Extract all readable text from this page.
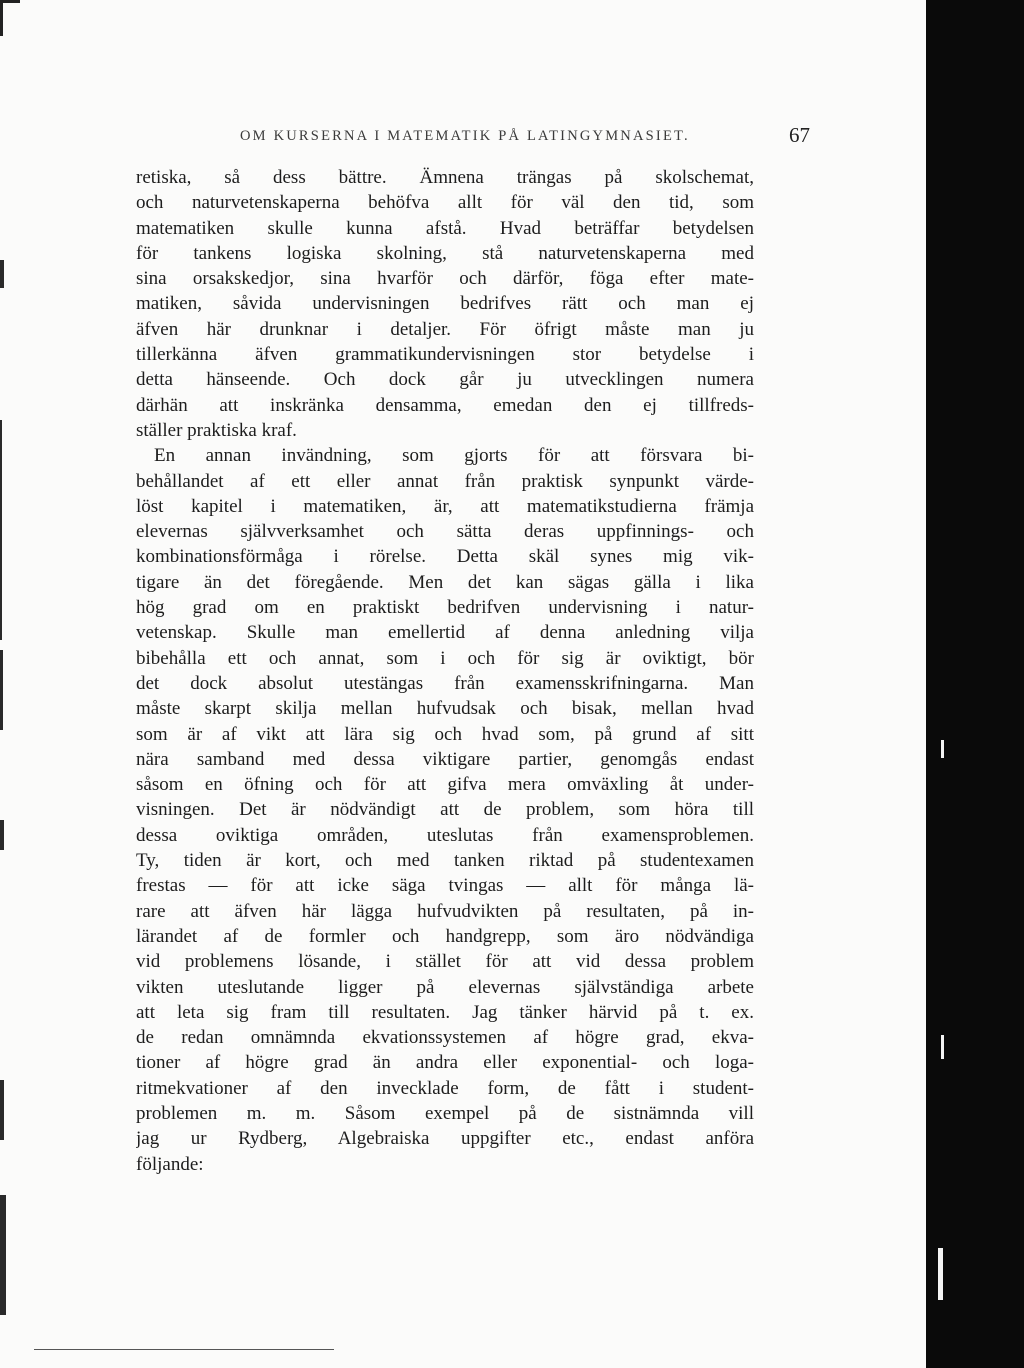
OM KURSERNA I MATEMATIK PÅ LATINGYMNASIET.	67
retiska, så dess bättre. Ämnena trängas på skolschemat,
och naturvetenskaperna behöfva allt för väl den tid, som
matematiken skulle kunna afstå. Hvad beträffar betydelsen
för tankens logiska skolning, stå naturvetenskaperna med
sina orsakskedjor, sina hvarför och därför, föga efter mate-
matiken, såvida undervisningen bedrifves rätt och man ej
äfven här drunknar i detaljer. För öfrigt måste man ju
tillerkänna äfven grammatikundervisningen stor betydelse i
detta hänseende. Och dock går ju utvecklingen numera
därhän att inskränka densamma, emedan den ej tillfreds-
ställer praktiska kraf.
En annan invändning, som gjorts för att försvara bi-
behållandet af ett eller annat från praktisk synpunkt värde-
löst kapitel i matematiken, är, att matematikstudierna främja
elevernas självverksamhet och sätta deras uppfinnings- och
kombinationsförmåga i rörelse. Detta skäl synes mig vik-
tigare än det föregående. Men det kan sägas gälla i lika
hög grad om en praktiskt bedrifven undervisning i natur-
vetenskap. Skulle man emellertid af denna anledning vilja
bibehålla ett och annat, som i och för sig är oviktigt, bör
det dock absolut utestängas från examensskrifningarna. Man
måste skarpt skilja mellan hufvudsak och bisak, mellan hvad
som är af vikt att lära sig och hvad som, på grund af sitt
nära samband med dessa viktigare partier, genomgås endast
såsom en öfning och för att gifva mera omväxling åt under-
visningen. Det är nödvändigt att de problem, som höra till
dessa oviktiga områden, uteslutas från examensproblemen.
Ty, tiden är kort, och med tanken riktad på studentexamen
frestas — för att icke säga tvingas — allt för många lä-
rare att äfven här lägga hufvudvikten på resultaten, på in-
lärandet af de formler och handgrepp, som äro nödvändiga
vid problemens lösande, i stället för att vid dessa problem
vikten uteslutande ligger på elevernas självständiga arbete
att leta sig fram till resultaten. Jag tänker härvid på t. ex.
de redan omnämnda ekvationssystemen af högre grad, ekva-
tioner af högre grad än andra eller exponential- och loga-
ritmekvationer af den invecklade form, de fått i student-
problemen m. m. Såsom exempel på de sistnämnda vill
jag ur Rydberg, Algebraiska uppgifter etc., endast anföra
följande:
